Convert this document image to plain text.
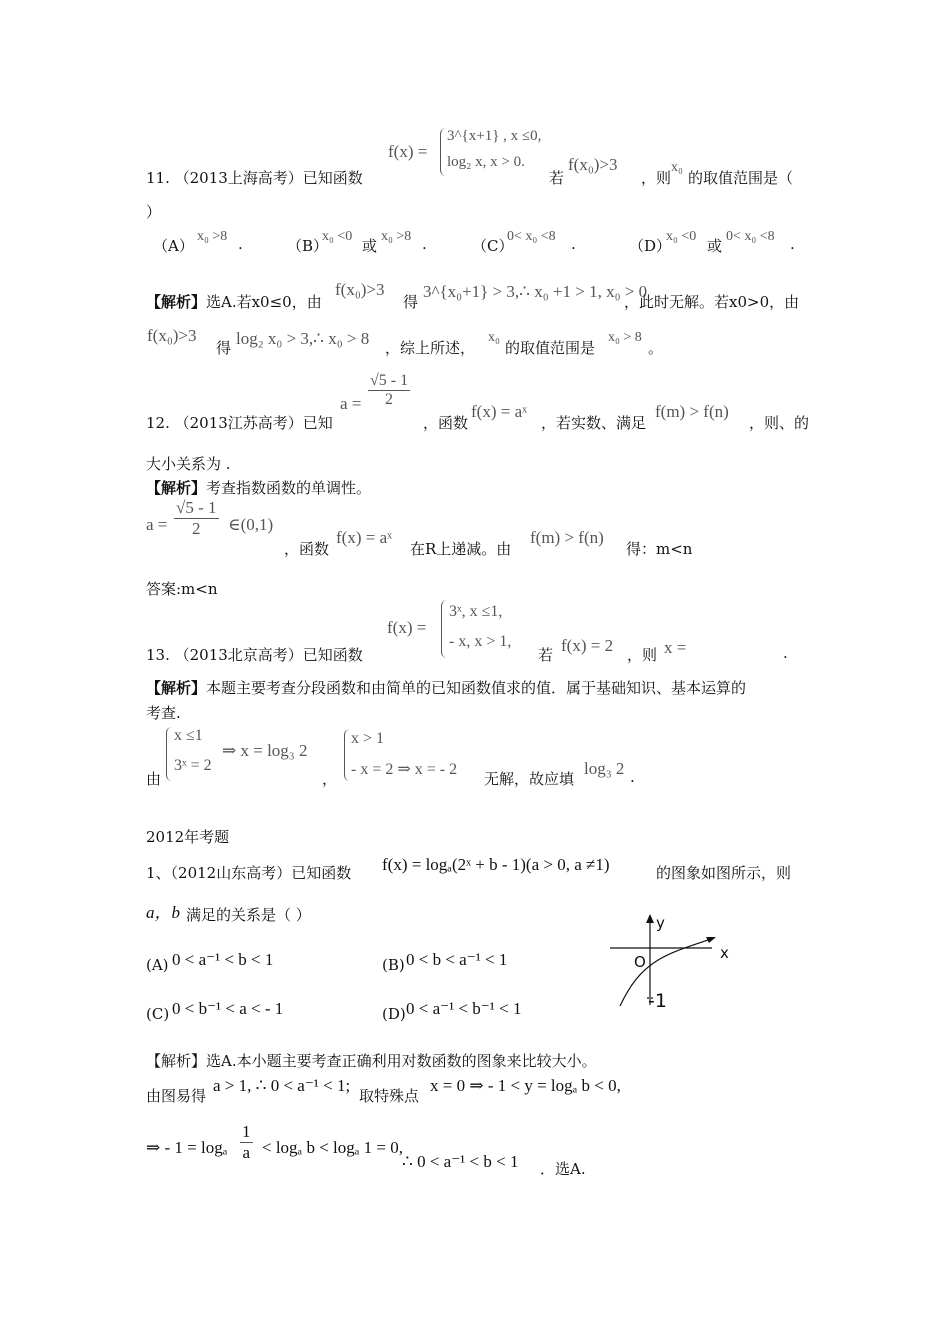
f(x) =
3^{x+1} , x ≤0,
log₂ x, x > 0.
11. （2013上海高考）已知函数	若
f(x₀)>3
，则
x₀
的取值范围是（
）
（A）
x₀ >8 .	（B）
x₀ <0
或
x₀ >8 .	（C）
0< x₀ <8 .	（D）
x₀ <0
或
0< x₀ <8 .
【解析】 选A.若x0≤0，由
f(x₀)>3
得
3^{x₀+1} > 3,∴ x₀ +1 > 1, x₀ > 0
，此时无解。若x0>0，由
f(x₀)>3
得 log₂ x₀ > 3,∴ x₀ > 8 ，综上所述，
x₀
的取值范围是
x₀ > 8
。
12. （2013江苏高考）已知
$a = \frac{√5 - 1}{2}$
，函数
f(x) = aˣ
，若实数、满足
f(m) > f(n)
，则、的
大小关系为 .
【解析】 考查指数函数的单调性。
$a = \frac{√5 - 1}{2}$ ∈(0,1)
，函数
f(x) = aˣ
在R上递减。由
f(m) > f(n)
得：m<n
答案:m<n
f(x) =
3ˣ, x ≤1,
- x, x > 1,
13. （2013北京高考）已知函数	若 f(x) = 2 ，则 x =	.
【解析】 本题主要考查分段函数和由简单的已知函数值求的值．属于基础知识、基本运算的
考查.
由
x ≤1
3ˣ = 2
⇒ x = log₃ 2
，
x > 1
- x = 2 ⇒ x = - 2
无解，故应填
log₃ 2 .
2012年考题
1、（2012山东高考）已知函数 f(x) = logₐ(2ˣ + b - 1)(a > 0, a ≠1)	的图象如图所示，则
a，b 满足的关系是（ ）
(A) 0 < a⁻¹ < b < 1	(B) 0 < b < a⁻¹ < 1
(C) 0 < b⁻¹ < a < - 1	(D) 0 < a⁻¹ < b⁻¹ < 1
y
x
O
-1
【解析】 选A.本小题主要考查正确利用对数函数的图象来比较大小。
由图易得
a > 1, ∴ 0 < a⁻¹ < 1;
取特殊点
x = 0 ⇒ - 1 < y = logₐ b < 0,
⇒ - 1 = logₐ $\frac{1}{a} < \log_a$ b < logₐ 1 = 0,
∴ 0 < a⁻¹ < b < 1 ．选A.
